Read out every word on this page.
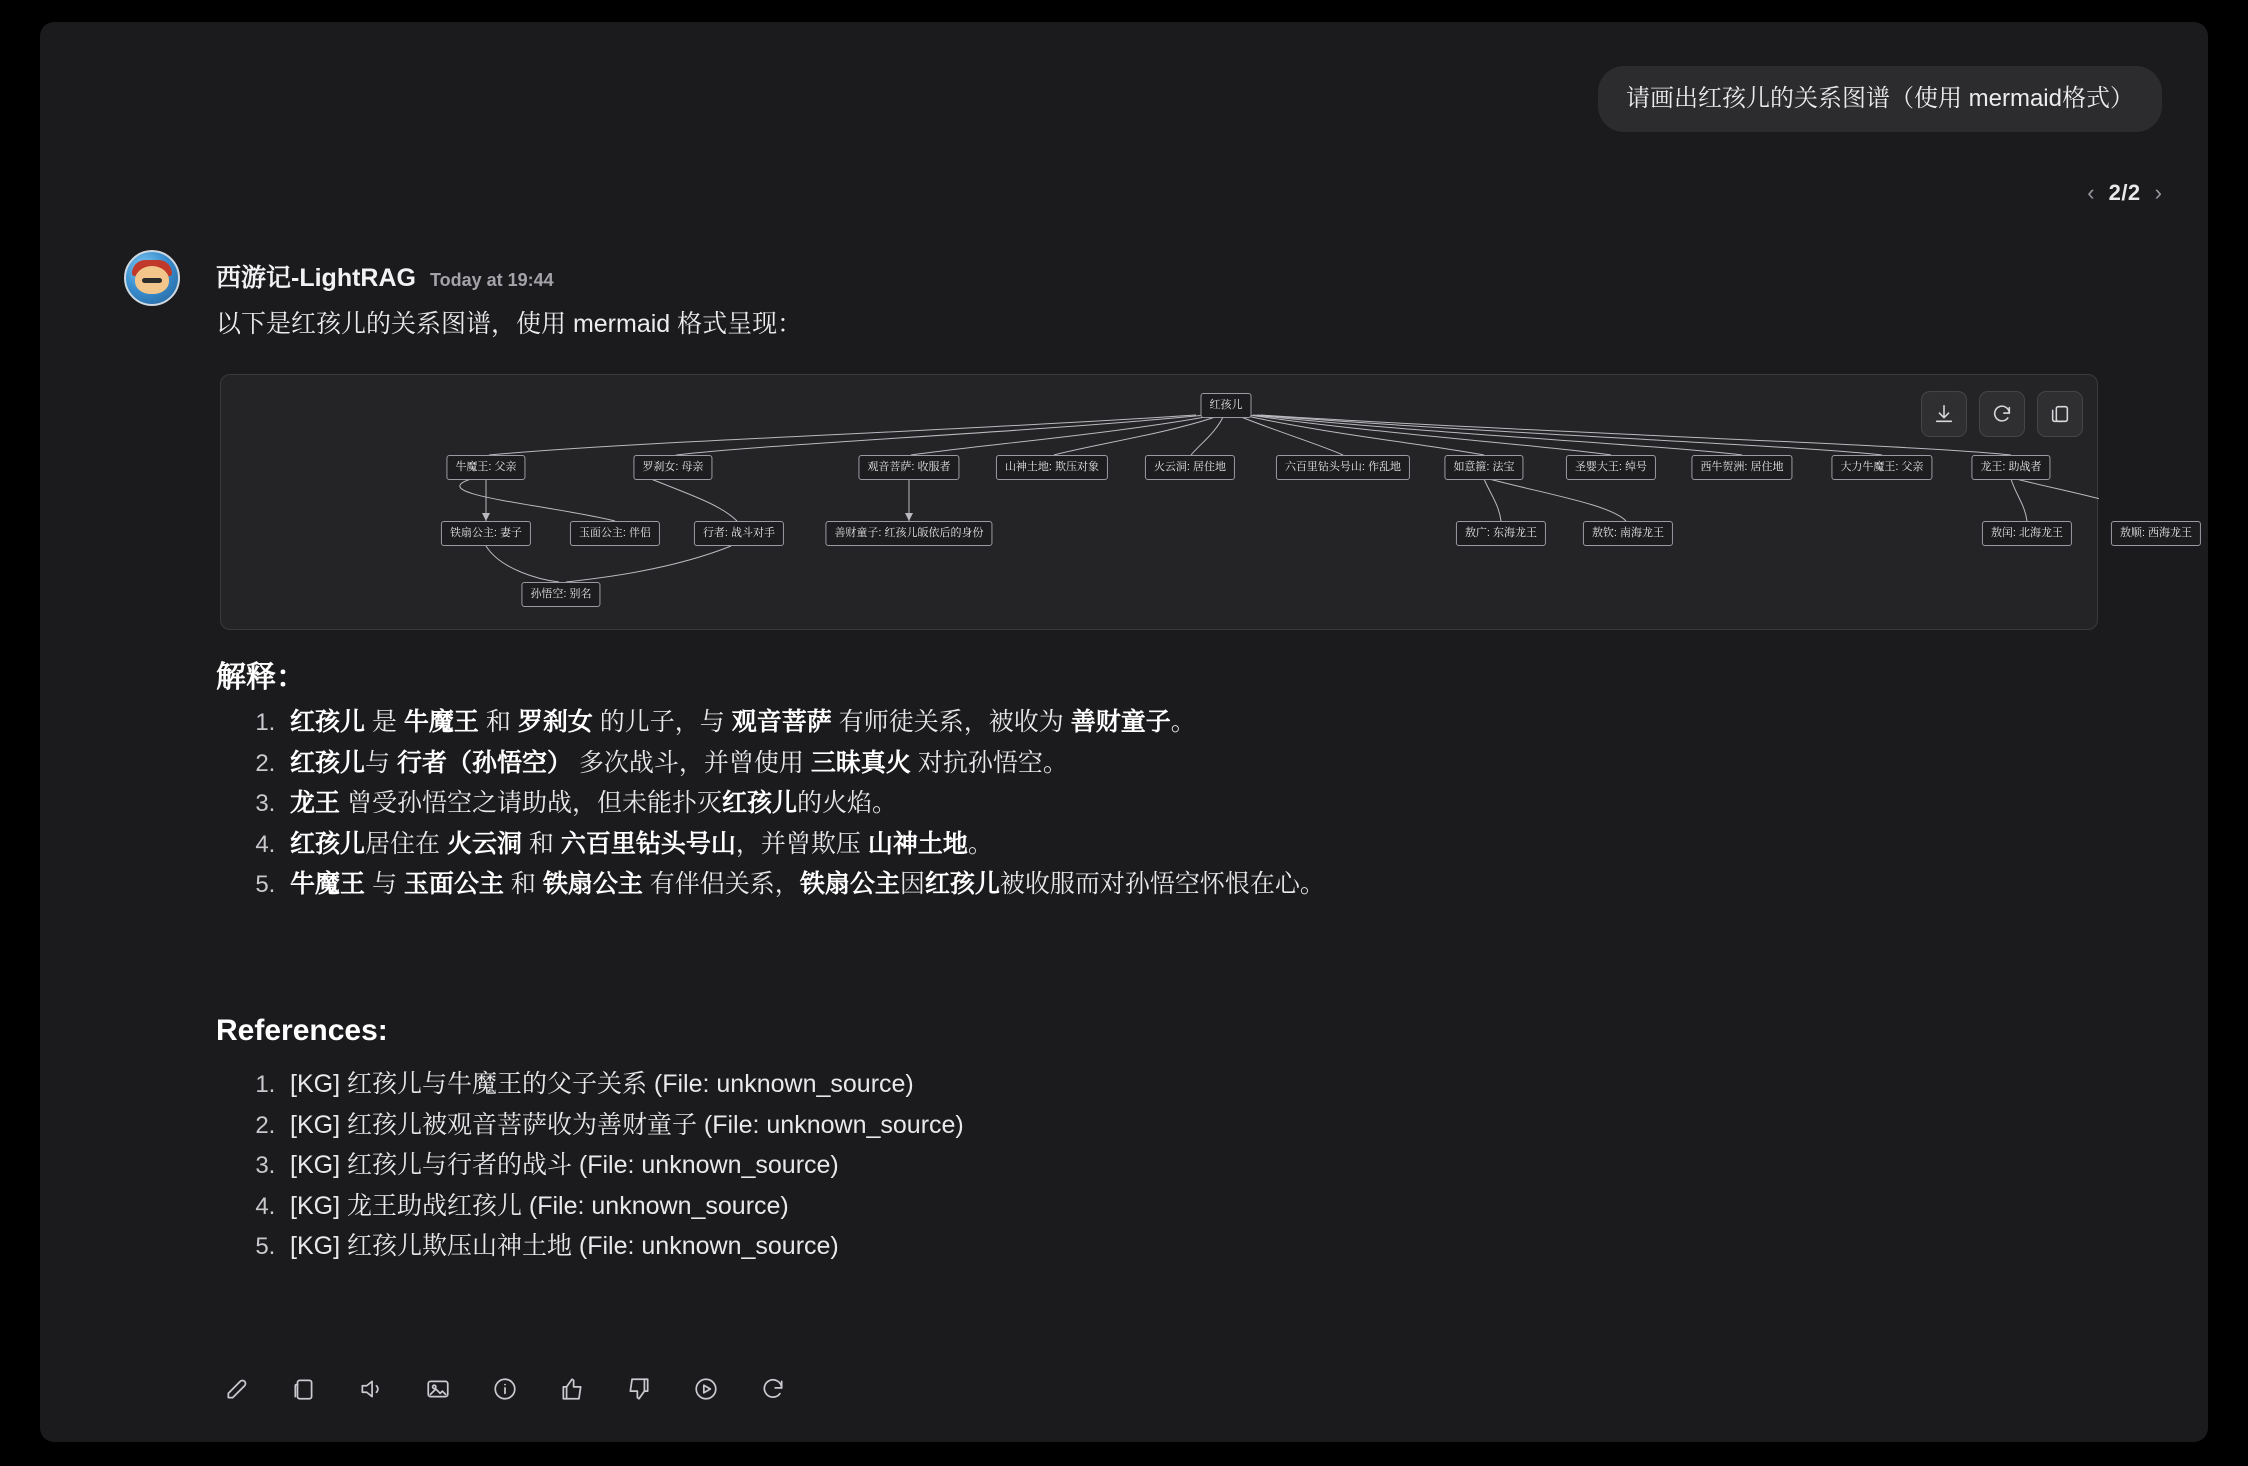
请画出红孩儿的关系图谱（使用 mermaid格式）
‹ 2/2 ›
西游记-LightRAG Today at 19:44
以下是红孩儿的关系图谱，使用 mermaid 格式呈现：
红孩儿
牛魔王: 父亲	罗刹女: 母亲	观音菩萨: 收服者	山神土地: 欺压对象	火云洞: 居住地	六百里钻头号山: 作乱地	如意箍: 法宝	圣婴大王: 绰号	西牛贺洲: 居住地	大力牛魔王: 父亲	龙王: 助战者
铁扇公主: 妻子	玉面公主: 伴侣	行者: 战斗对手	善财童子: 红孩儿皈依后的身份	敖广: 东海龙王	敖钦: 南海龙王	敖闰: 北海龙王	敖顺: 西海龙王
孙悟空: 别名
解释：
1. 红孩儿 是 牛魔王 和 罗刹女 的儿子，与 观音菩萨 有师徒关系，被收为 善财童子。
2. 红孩儿与 行者（孙悟空） 多次战斗，并曾使用 三昧真火 对抗孙悟空。
3. 龙王 曾受孙悟空之请助战，但未能扑灭红孩儿的火焰。
4. 红孩儿居住在 火云洞 和 六百里钻头号山，并曾欺压 山神土地。
5. 牛魔王 与 玉面公主 和 铁扇公主 有伴侣关系，铁扇公主因红孩儿被收服而对孙悟空怀恨在心。
References:
1. [KG] 红孩儿与牛魔王的父子关系 (File: unknown_source)
2. [KG] 红孩儿被观音菩萨收为善财童子 (File: unknown_source)
3. [KG] 红孩儿与行者的战斗 (File: unknown_source)
4. [KG] 龙王助战红孩儿 (File: unknown_source)
5. [KG] 红孩儿欺压山神土地 (File: unknown_source)
